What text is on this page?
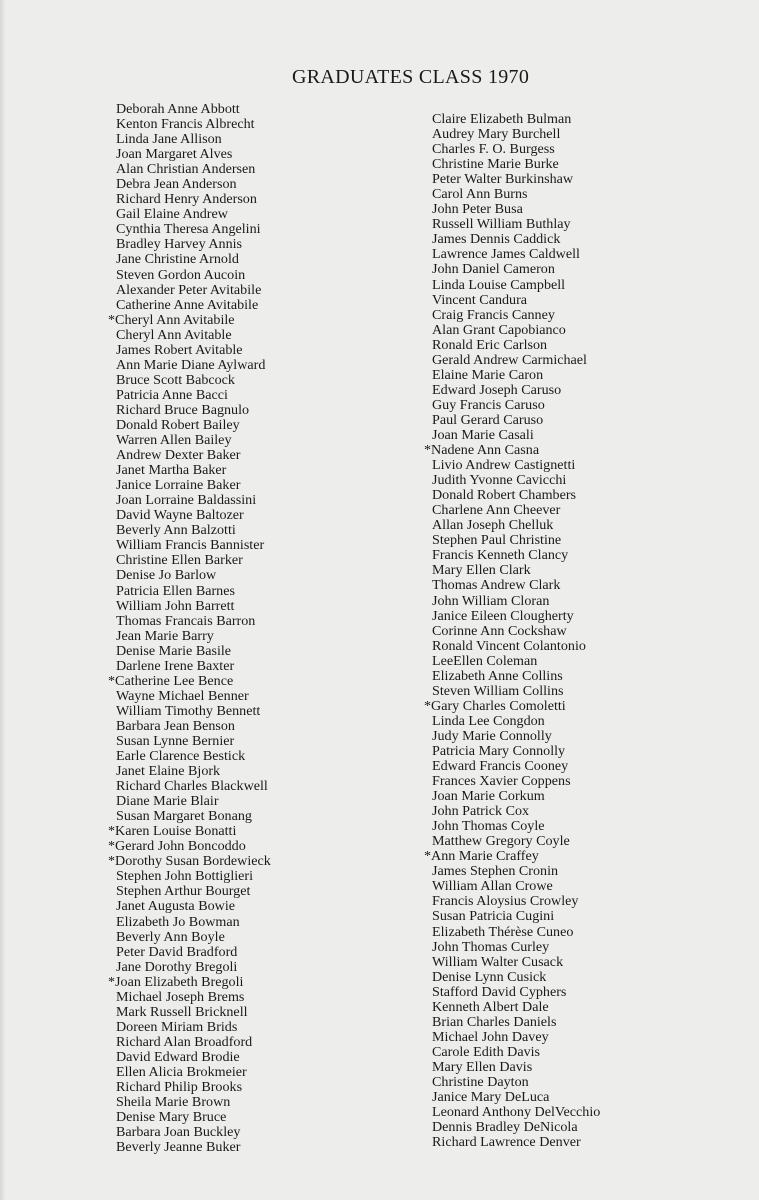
GRADUATES CLASS 1970
Deborah Anne Abbott
Kenton Francis Albrecht
Linda Jane Allison
Joan Margaret Alves
Alan Christian Andersen
Debra Jean Anderson
Richard Henry Anderson
Gail Elaine Andrew
Cynthia Theresa Angelini
Bradley Harvey Annis
Jane Christine Arnold
Steven Gordon Aucoin
Alexander Peter Avitabile
Catherine Anne Avitabile
*Cheryl Ann Avitabile
Cheryl Ann Avitable
James Robert Avitable
Ann Marie Diane Aylward
Bruce Scott Babcock
Patricia Anne Bacci
Richard Bruce Bagnulo
Donald Robert Bailey
Warren Allen Bailey
Andrew Dexter Baker
Janet Martha Baker
Janice Lorraine Baker
Joan Lorraine Baldassini
David Wayne Baltozer
Beverly Ann Balzotti
William Francis Bannister
Christine Ellen Barker
Denise Jo Barlow
Patricia Ellen Barnes
William John Barrett
Thomas Francais Barron
Jean Marie Barry
Denise Marie Basile
Darlene Irene Baxter
*Catherine Lee Bence
Wayne Michael Benner
William Timothy Bennett
Barbara Jean Benson
Susan Lynne Bernier
Earle Clarence Bestick
Janet Elaine Bjork
Richard Charles Blackwell
Diane Marie Blair
Susan Margaret Bonang
*Karen Louise Bonatti
*Gerard John Boncoddo
*Dorothy Susan Bordewieck
Stephen John Bottiglieri
Stephen Arthur Bourget
Janet Augusta Bowie
Elizabeth Jo Bowman
Beverly Ann Boyle
Peter David Bradford
Jane Dorothy Bregoli
*Joan Elizabeth Bregoli
Michael Joseph Brems
Mark Russell Bricknell
Doreen Miriam Brids
Richard Alan Broadford
David Edward Brodie
Ellen Alicia Brokmeier
Richard Philip Brooks
Sheila Marie Brown
Denise Mary Bruce
Barbara Joan Buckley
Beverly Jeanne Buker
Claire Elizabeth Bulman
Audrey Mary Burchell
Charles F. O. Burgess
Christine Marie Burke
Peter Walter Burkinshaw
Carol Ann Burns
John Peter Busa
Russell William Buthlay
James Dennis Caddick
Lawrence James Caldwell
John Daniel Cameron
Linda Louise Campbell
Vincent Candura
Craig Francis Canney
Alan Grant Capobianco
Ronald Eric Carlson
Gerald Andrew Carmichael
Elaine Marie Caron
Edward Joseph Caruso
Guy Francis Caruso
Paul Gerard Caruso
Joan Marie Casali
*Nadene Ann Casna
Livio Andrew Castignetti
Judith Yvonne Cavicchi
Donald Robert Chambers
Charlene Ann Cheever
Allan Joseph Chelluk
Stephen Paul Christine
Francis Kenneth Clancy
Mary Ellen Clark
Thomas Andrew Clark
John William Cloran
Janice Eileen Clougherty
Corinne Ann Cockshaw
Ronald Vincent Colantonio
LeeEllen Coleman
Elizabeth Anne Collins
Steven William Collins
*Gary Charles Comoletti
Linda Lee Congdon
Judy Marie Connolly
Patricia Mary Connolly
Edward Francis Cooney
Frances Xavier Coppens
Joan Marie Corkum
John Patrick Cox
John Thomas Coyle
Matthew Gregory Coyle
*Ann Marie Craffey
James Stephen Cronin
William Allan Crowe
Francis Aloysius Crowley
Susan Patricia Cugini
Elizabeth Thérèse Cuneo
John Thomas Curley
William Walter Cusack
Denise Lynn Cusick
Stafford David Cyphers
Kenneth Albert Dale
Brian Charles Daniels
Michael John Davey
Carole Edith Davis
Mary Ellen Davis
Christine Dayton
Janice Mary DeLuca
Leonard Anthony DelVecchio
Dennis Bradley DeNicola
Richard Lawrence Denver
